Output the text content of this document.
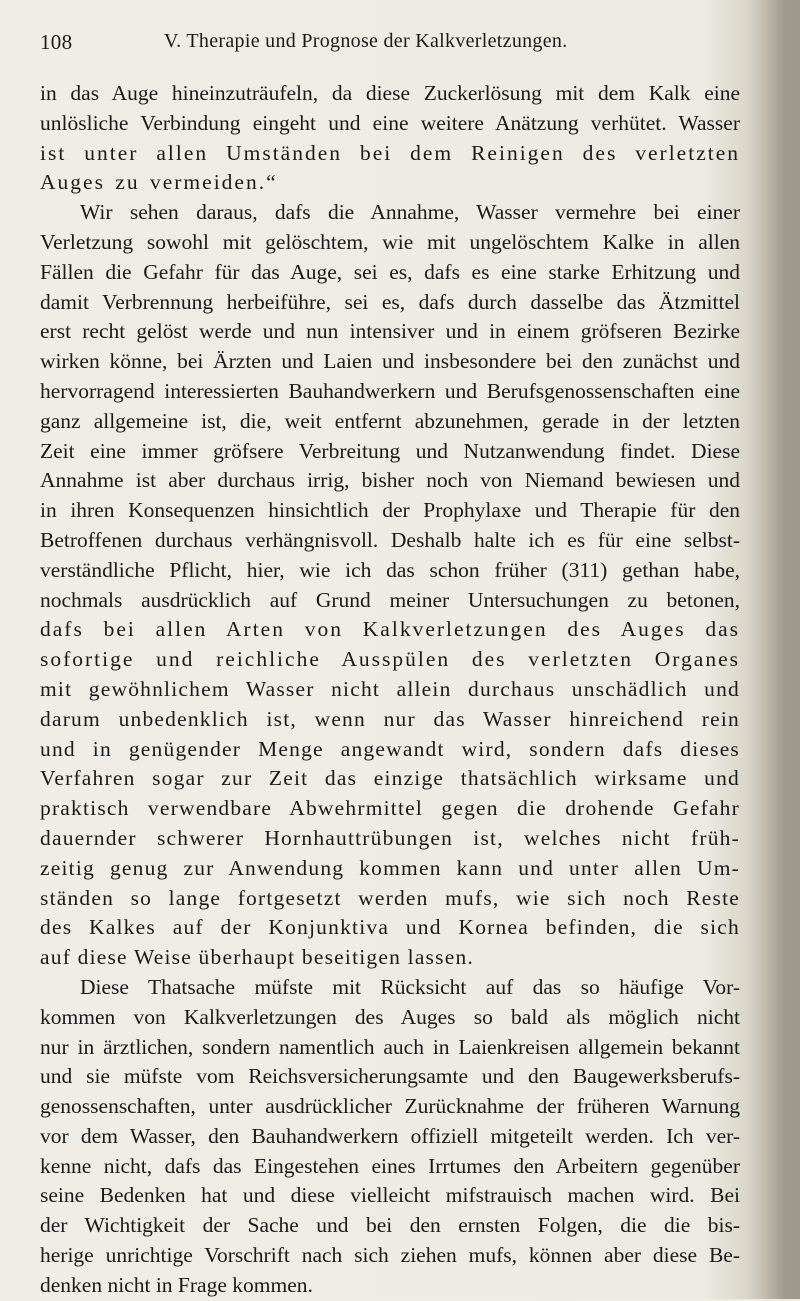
108	V. Therapie und Prognose der Kalkverletzungen.
in das Auge hineinzuträufeln, da diese Zuckerlösung mit dem Kalk eine
unlösliche Verbindung eingeht und eine weitere Anätzung verhütet. Wasser
ist unter allen Umständen bei dem Reinigen des verletzten
Auges zu vermeiden.“
Wir sehen daraus, dafs die Annahme, Wasser vermehre bei einer
Verletzung sowohl mit gelöschtem, wie mit ungelöschtem Kalke in allen
Fällen die Gefahr für das Auge, sei es, dafs es eine starke Erhitzung und
damit Verbrennung herbeiführe, sei es, dafs durch dasselbe das Ätzmittel
erst recht gelöst werde und nun intensiver und in einem gröfseren Bezirke
wirken könne, bei Ärzten und Laien und insbesondere bei den zunächst und
hervorragend interessierten Bauhandwerkern und Berufsgenossenschaften eine
ganz allgemeine ist, die, weit entfernt abzunehmen, gerade in der letzten
Zeit eine immer gröfsere Verbreitung und Nutzanwendung findet. Diese
Annahme ist aber durchaus irrig, bisher noch von Niemand bewiesen und
in ihren Konsequenzen hinsichtlich der Prophylaxe und Therapie für den
Betroffenen durchaus verhängnisvoll. Deshalb halte ich es für eine selbst-
verständliche Pflicht, hier, wie ich das schon früher (311) gethan habe,
nochmals ausdrücklich auf Grund meiner Untersuchungen zu betonen,
dafs bei allen Arten von Kalkverletzungen des Auges das
sofortige und reichliche Ausspülen des verletzten Organes
mit gewöhnlichem Wasser nicht allein durchaus unschädlich und
darum unbedenklich ist, wenn nur das Wasser hinreichend rein
und in genügender Menge angewandt wird, sondern dafs dieses
Verfahren sogar zur Zeit das einzige thatsächlich wirksame und
praktisch verwendbare Abwehrmittel gegen die drohende Gefahr
dauernder schwerer Hornhauttrübungen ist, welches nicht früh-
zeitig genug zur Anwendung kommen kann und unter allen Um-
ständen so lange fortgesetzt werden mufs, wie sich noch Reste
des Kalkes auf der Konjunktiva und Kornea befinden, die sich
auf diese Weise überhaupt beseitigen lassen.
Diese Thatsache müfste mit Rücksicht auf das so häufige Vor-
kommen von Kalkverletzungen des Auges so bald als möglich nicht
nur in ärztlichen, sondern namentlich auch in Laienkreisen allgemein bekannt
und sie müfste vom Reichsversicherungsamte und den Baugewerksberufs-
genossenschaften, unter ausdrücklicher Zurücknahme der früheren Warnung
vor dem Wasser, den Bauhandwerkern offiziell mitgeteilt werden. Ich ver-
kenne nicht, dafs das Eingestehen eines Irrtumes den Arbeitern gegenüber
seine Bedenken hat und diese vielleicht mifstrauisch machen wird. Bei
der Wichtigkeit der Sache und bei den ernsten Folgen, die die bis-
herige unrichtige Vorschrift nach sich ziehen mufs, können aber diese Be-
denken nicht in Frage kommen.
